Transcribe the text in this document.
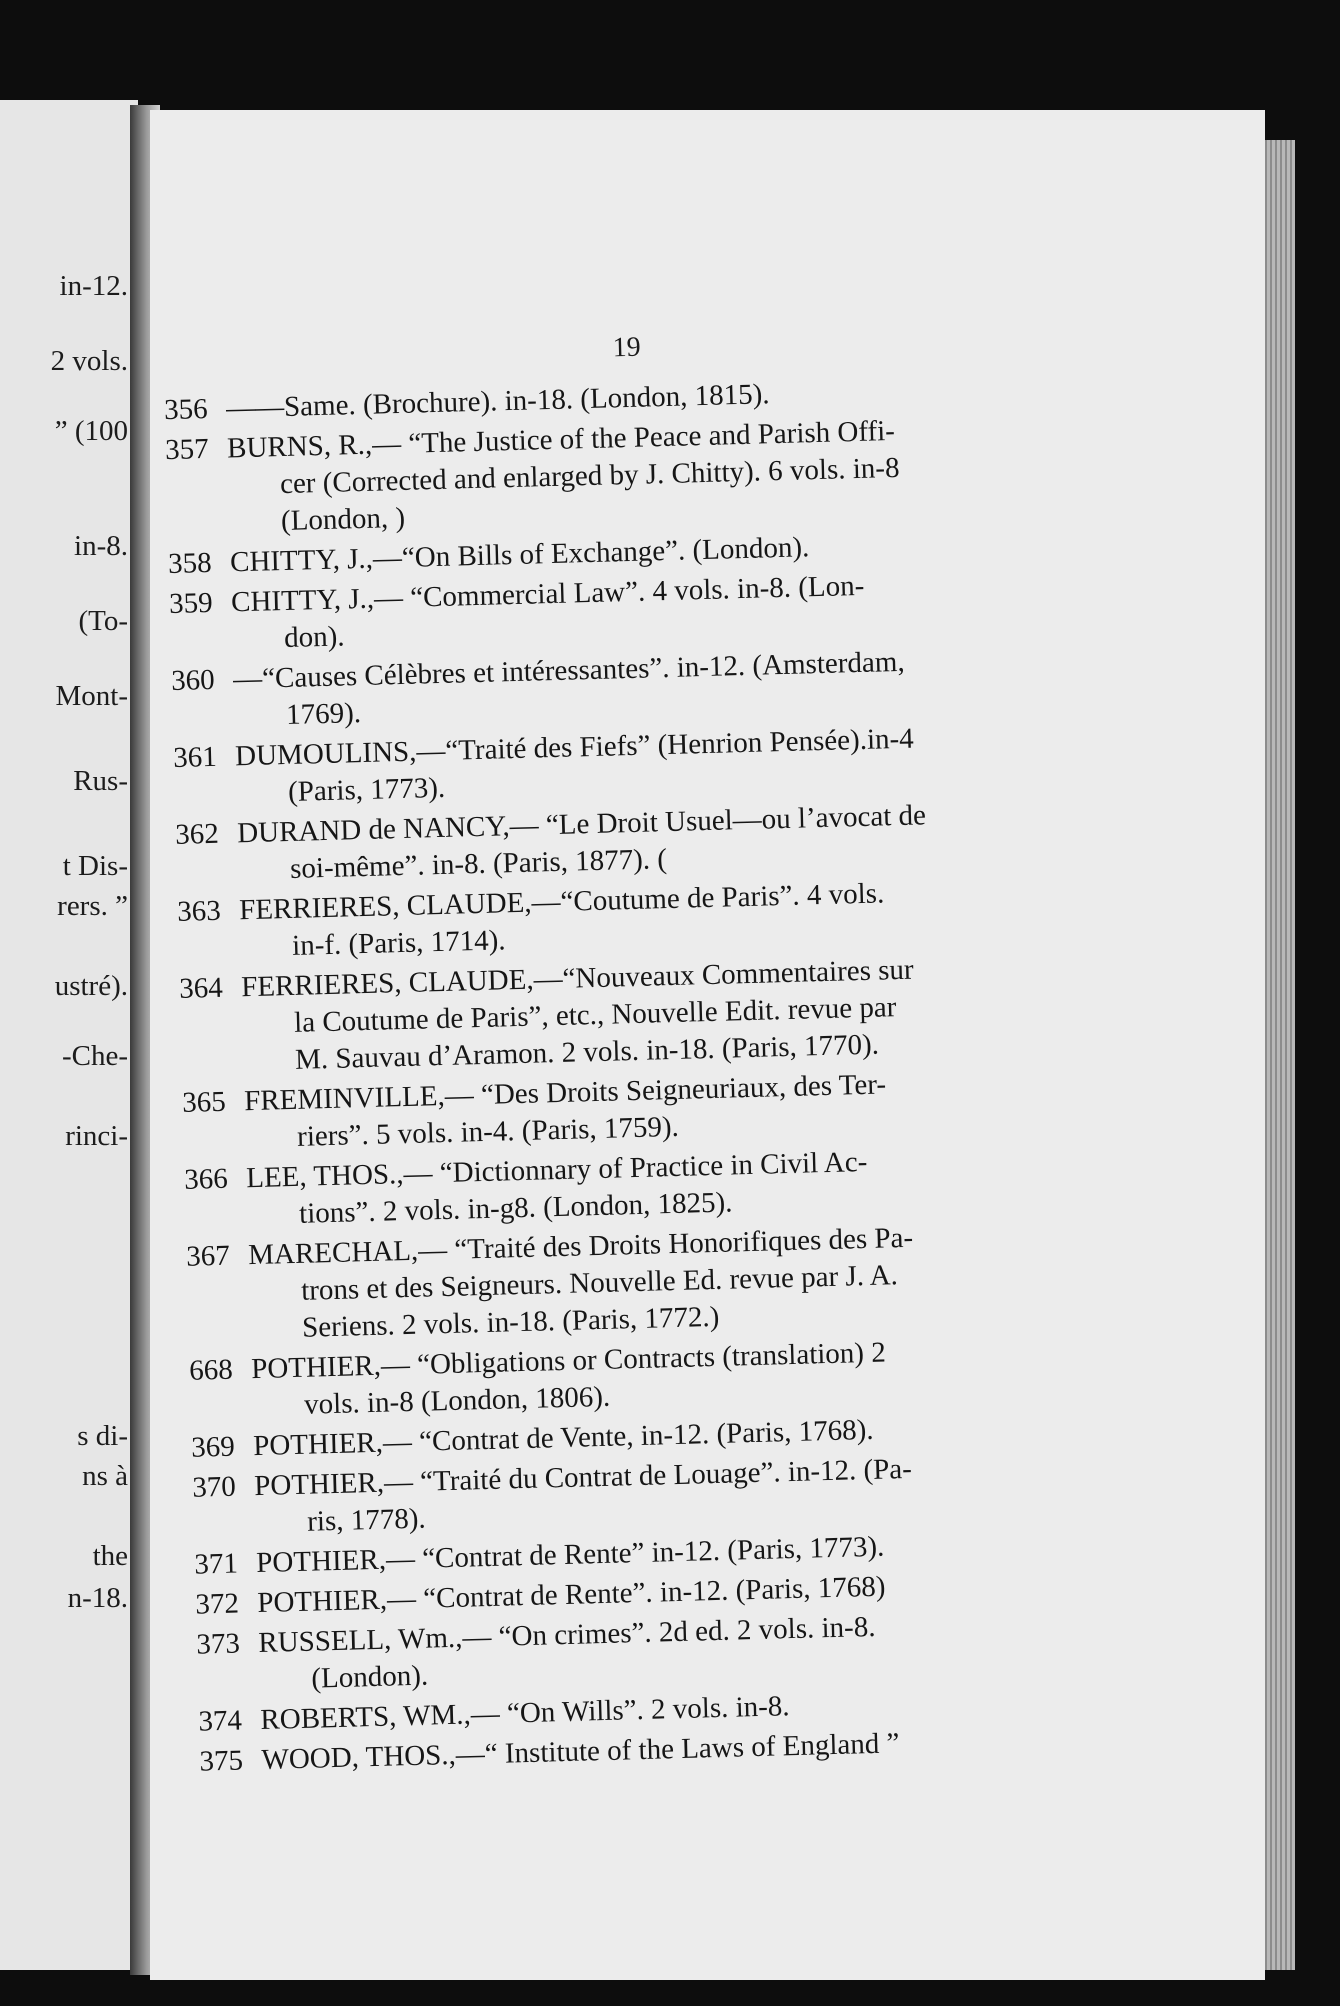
in-12.
2 vols.
” (100
in-8.
(To-
Mont-
Rus-
t Dis-
rers. ”
ustré).
-Che-
rinci-
s di-
ns à
the
n-18.
19
356 ——Same. (Brochure). in-18. (London, 1815).
357 BURNS, R.,— “The Justice of the Peace and Parish Offi-
cer (Corrected and enlarged by J. Chitty). 6 vols. in-8
(London, )
358 CHITTY, J.,—“On Bills of Exchange”. (London).
359 CHITTY, J.,— “Commercial Law”. 4 vols. in-8. (Lon-
don).
360 —“Causes Célèbres et intéressantes”. in-12. (Amsterdam,
1769).
361 DUMOULINS,—“Traité des Fiefs” (Henrion Pensée).in-4
(Paris, 1773).
362 DURAND de NANCY,— “Le Droit Usuel—ou l’avocat de
soi-même”. in-8. (Paris, 1877). (
363 FERRIERES, CLAUDE,—“Coutume de Paris”. 4 vols.
in-f. (Paris, 1714).
364 FERRIERES, CLAUDE,—“Nouveaux Commentaires sur
la Coutume de Paris”, etc., Nouvelle Edit. revue par
M. Sauvau d’Aramon. 2 vols. in-18. (Paris, 1770).
365 FREMINVILLE,— “Des Droits Seigneuriaux, des Ter-
riers”. 5 vols. in-4. (Paris, 1759).
366 LEE, THOS.,— “Dictionnary of Practice in Civil Ac-
tions”. 2 vols. in-g8. (London, 1825).
367 MARECHAL,— “Traité des Droits Honorifiques des Pa-
trons et des Seigneurs. Nouvelle Ed. revue par J. A.
Seriens. 2 vols. in-18. (Paris, 1772.)
668 POTHIER,— “Obligations or Contracts (translation) 2
vols. in-8 (London, 1806).
369 POTHIER,— “Contrat de Vente, in-12. (Paris, 1768).
370 POTHIER,— “Traité du Contrat de Louage”. in-12. (Pa-
ris, 1778).
371 POTHIER,— “Contrat de Rente” in-12. (Paris, 1773).
372 POTHIER,— “Contrat de Rente”. in-12. (Paris, 1768)
373 RUSSELL, Wm.,— “On crimes”. 2d ed. 2 vols. in-8.
(London).
374 ROBERTS, WM.,— “On Wills”. 2 vols. in-8.
375 WOOD, THOS.,—“ Institute of the Laws of England ”
